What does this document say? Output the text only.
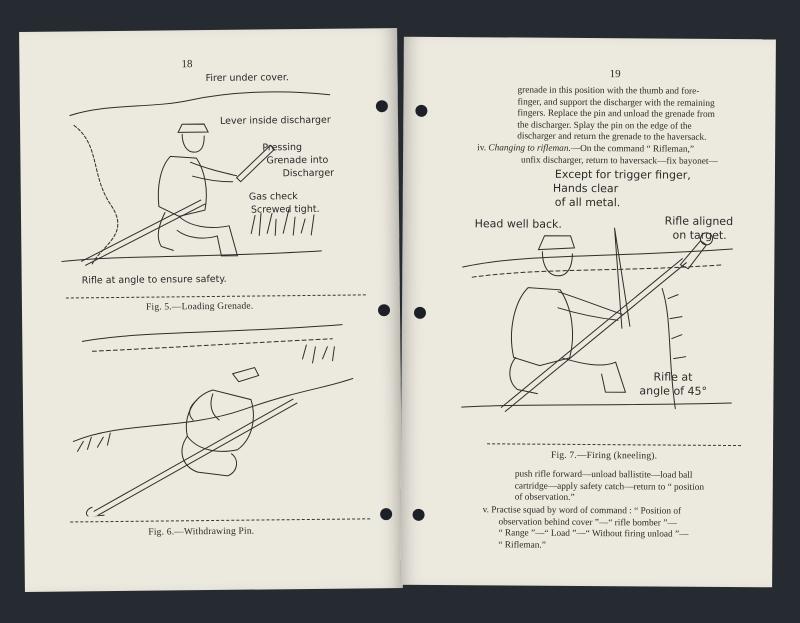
18
Firer under cover.
Lever inside discharger
Pressing
Grenade into
Discharger
Gas check
Screwed tight.
Rifle at angle to ensure safety.
Fig. 5.—Loading Grenade.
Fig. 6.—Withdrawing Pin.
19

grenade in this position with the thumb and fore-

finger, and support the discharger with the remaining

fingers. Replace the pin and unload the grenade from

the discharger. Splay the pin on the edge of the

discharger and return the grenade to the haversack.

iv. Changing to rifleman.—On the command “ Rifleman,”

unfix discharger, return to haversack—fix bayonet—

Except for trigger finger,
Hands clear
of all metal.
Head well back.	Rifle aligned
on target.
Rifle at
angle of 45°
Fig. 7.—Firing (kneeling).

push rifle forward—unload ballistite—load ball

cartridge—apply safety catch—return to “ position

of observation.”

v. Practise squad by word of command : “ Position of

observation behind cover ”—“ rifle bomber ”—

“ Range ”—“ Load ”—“ Without firing unload ”—

“ Rifleman.”
